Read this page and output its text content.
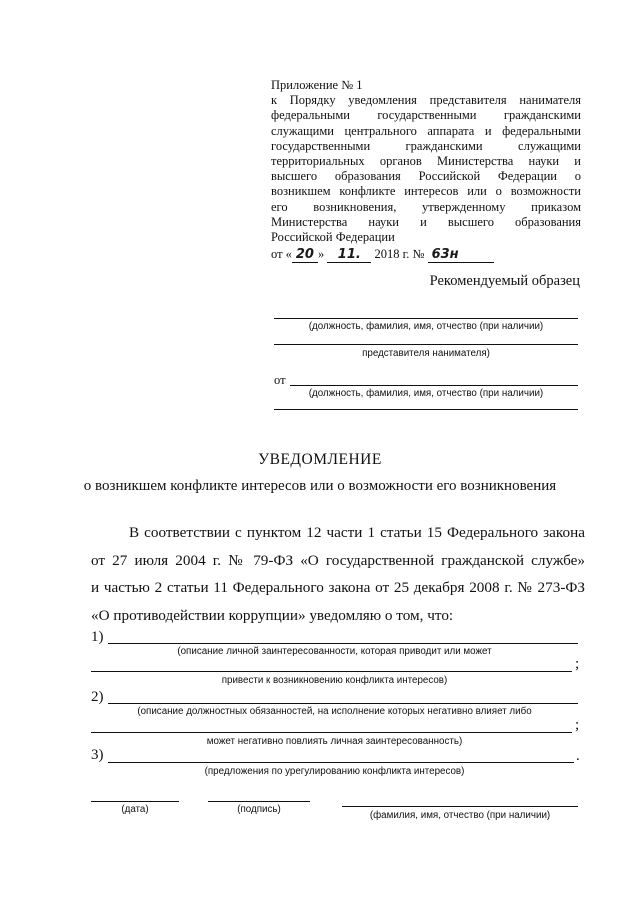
Приложение № 1
к Порядку уведомления представителя нанимателя
федеральными государственными гражданскими
служащими центрального аппарата и федеральными
государственными гражданскими служащими
территориальных органов Министерства науки и
высшего образования Российской Федерации о
возникшем конфликте интересов или о возможности
его возникновения, утвержденному приказом
Министерства науки и высшего образования
Российской Федерации
от « 20 » 11. 2018 г. № 63н
Рекомендуемый образец
(должность, фамилия, имя, отчество (при наличии)
представителя нанимателя)
от
(должность, фамилия, имя, отчество (при наличии)
УВЕДОМЛЕНИЕ
о возникшем конфликте интересов или о возможности его возникновения
В соответствии с пунктом 12 части 1 статьи 15 Федерального закона
от 27 июля 2004 г. № 79-ФЗ «О государственной гражданской службе»
и частью 2 статьи 11 Федерального закона от 25 декабря 2008 г. № 273-ФЗ
«О противодействии коррупции» уведомляю о том, что:
1)
(описание личной заинтересованности, которая приводит или может
;
привести к возникновению конфликта интересов)
2)
(описание должностных обязанностей, на исполнение которых негативно влияет либо
;
может негативно повлиять личная заинтересованность)
3)	.
(предложения по урегулированию конфликта интересов)
(дата)	(подпись)
(фамилия, имя, отчество (при наличии)
